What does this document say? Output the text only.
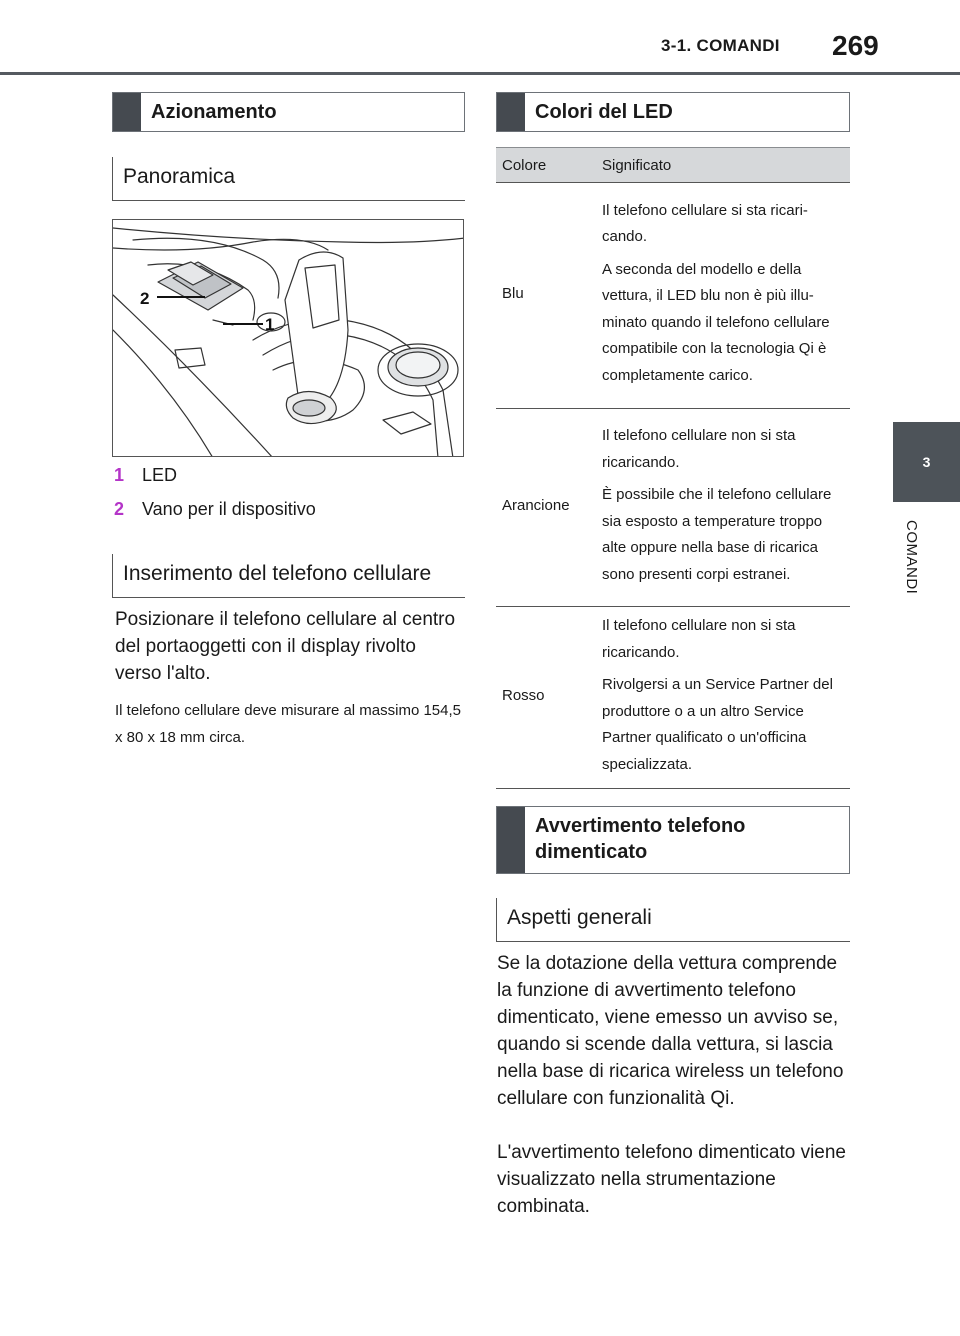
3-1. COMANDI 269
3
COMANDI
Azionamento
Panoramica
2
1
1 LED
2 Vano per il dispositivo
Inserimento del telefono cellulare
Posizionare il telefono cellulare al centro del portaoggetti con il display rivolto verso l'alto.
Il telefono cellulare deve misurare al massimo 154,5 x 80 x 18 mm circa.
Colori del LED
Colore	Significato
Blu	Il telefono cellulare si sta ricaricando.

A seconda del modello e della vettura, il LED blu non è più illuminato quando il telefono cellulare compatibile con la tecnologia Qi è completamente carico.

Arancione	Il telefono cellulare non si sta ricaricando.

È possibile che il telefono cellulare sia esposto a temperature troppo alte oppure nella base di ricarica sono presenti corpi estranei.

Rosso	Il telefono cellulare non si sta ricaricando.

Rivolgersi a un Service Partner del produttore o a un altro Service Partner qualificato o un'officina specializzata.

Avvertimento telefono dimenticato
Aspetti generali
Se la dotazione della vettura comprende la funzione di avvertimento telefono dimenticato, viene emesso un avviso se, quando si scende dalla vettura, si lascia nella base di ricarica wireless un telefono cellulare con funzionalità Qi.
L'avvertimento telefono dimenticato viene visualizzato nella strumentazione combinata.
